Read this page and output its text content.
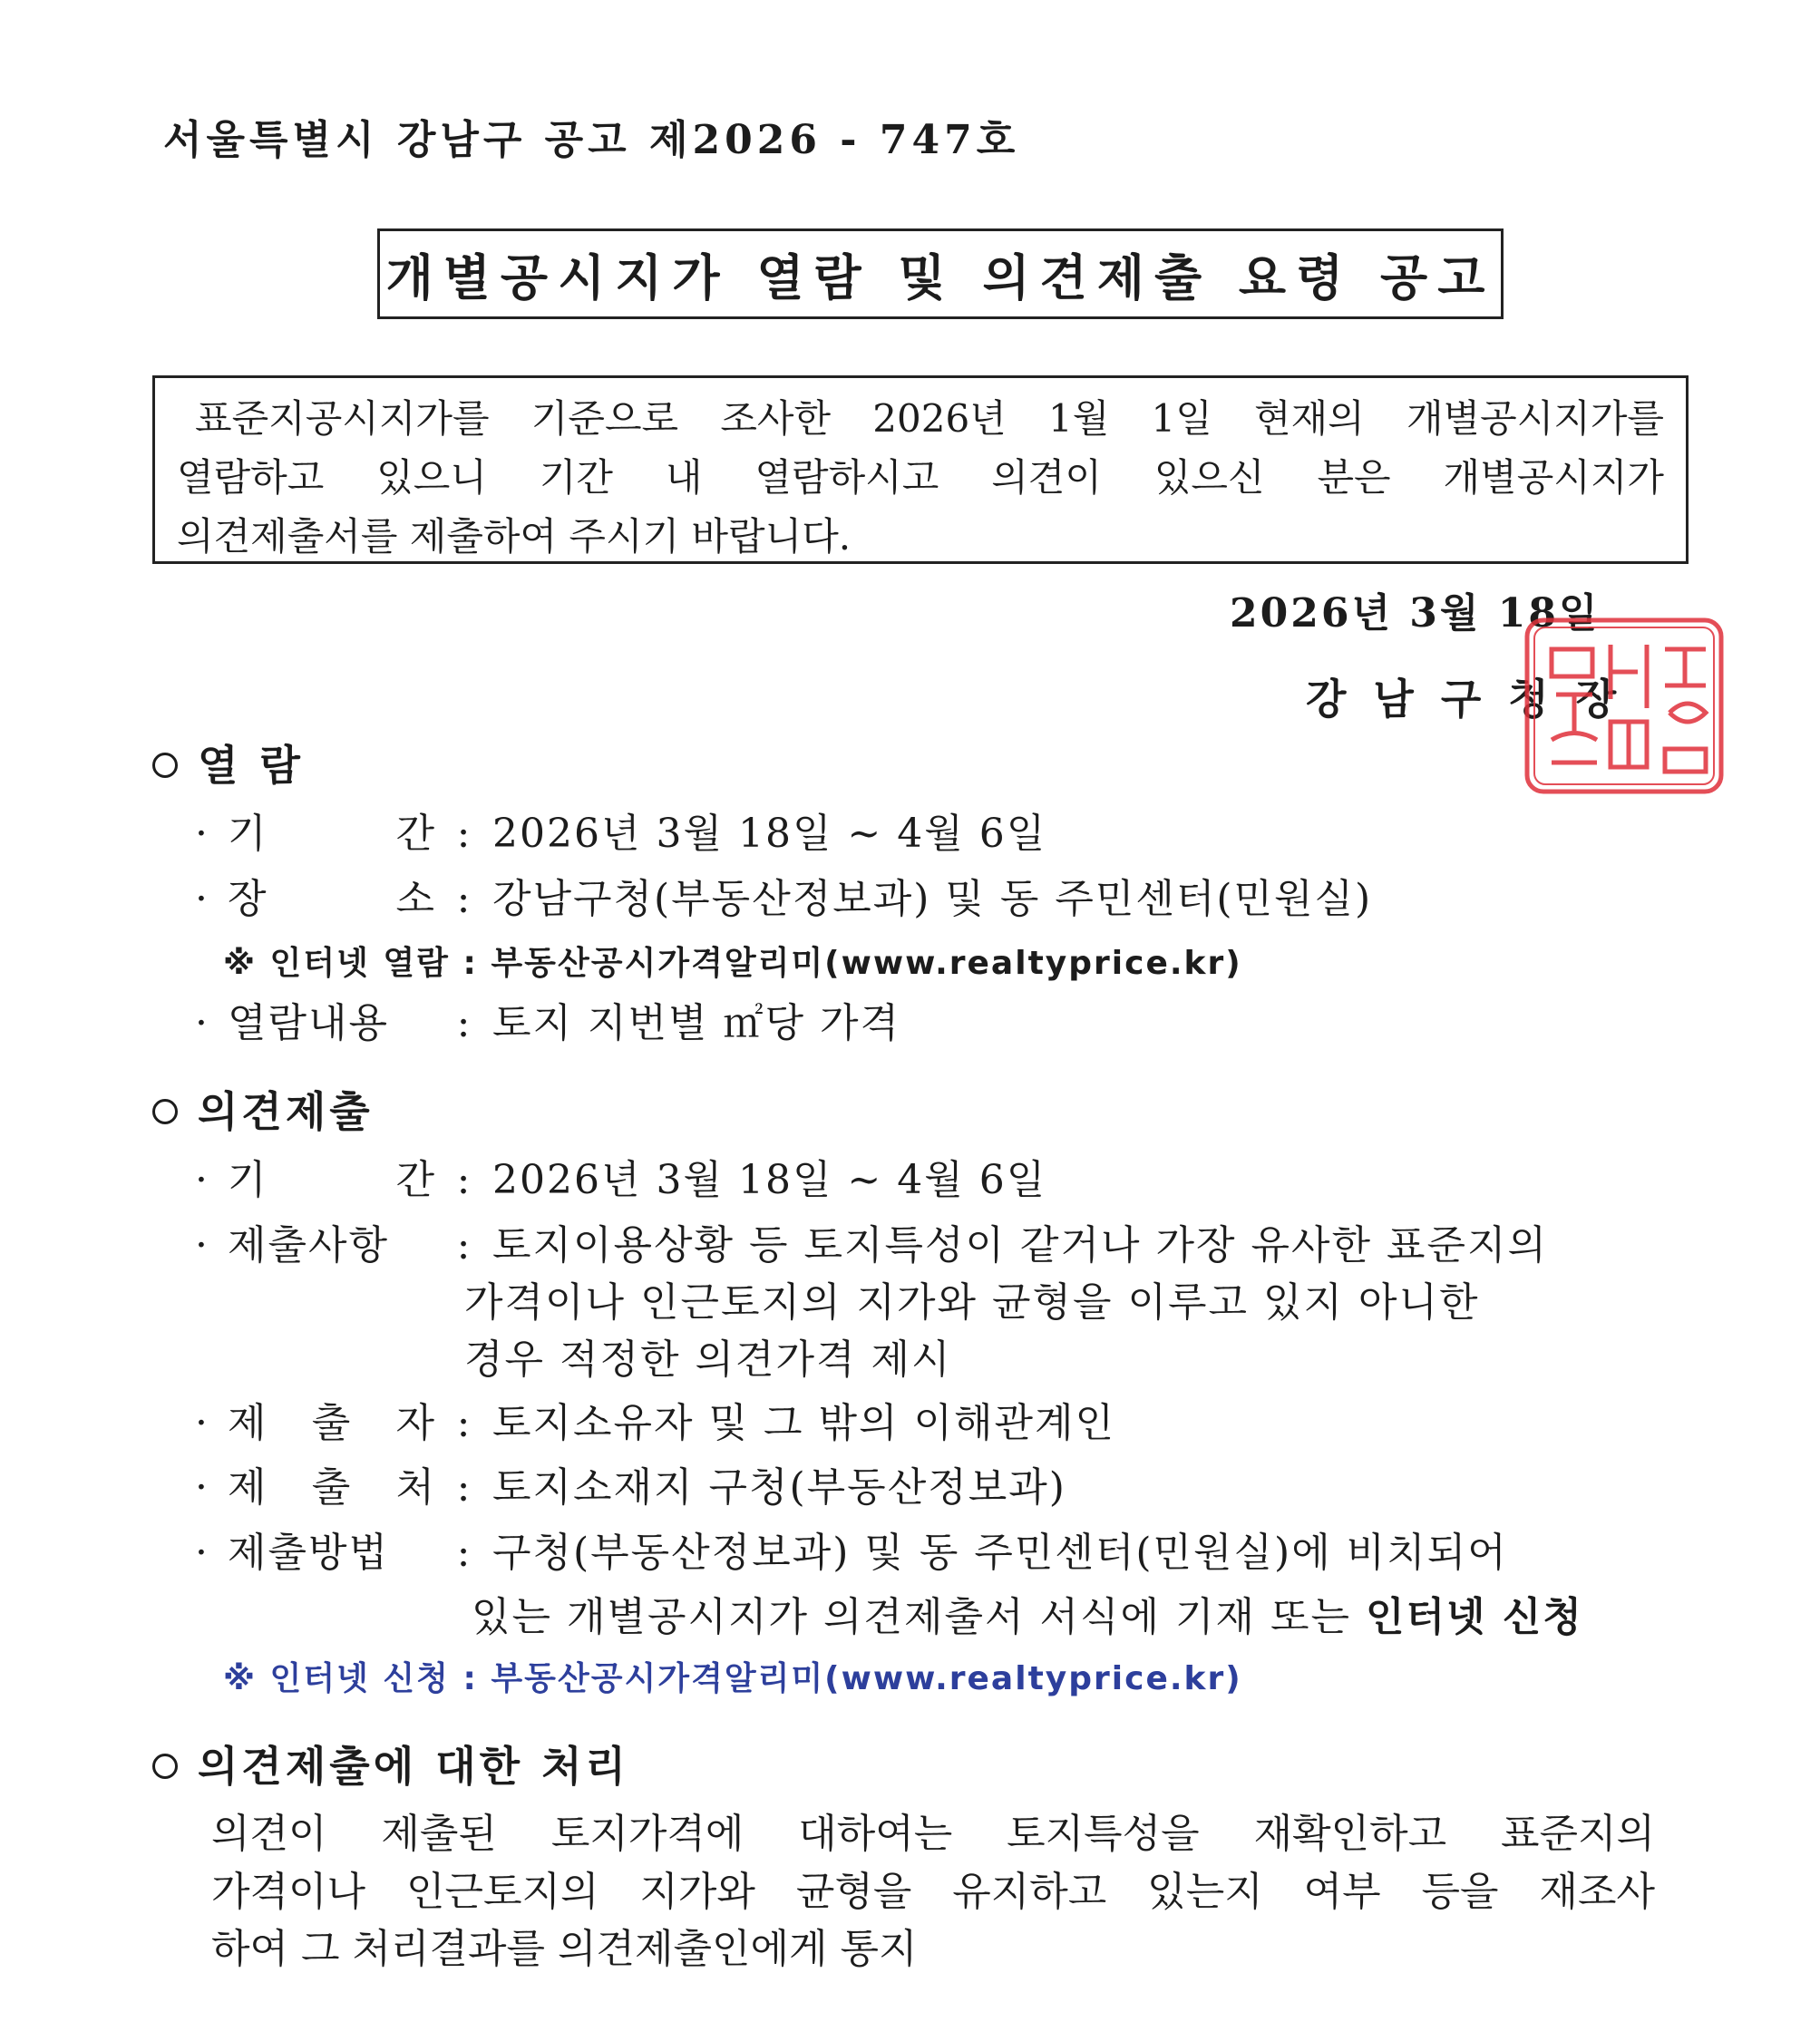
서울특별시 강남구 공고 제2026 - 747호
개별공시지가 열람 및 의견제출 요령 공고
표준지공시지가를 기준으로 조사한 2026년 1월 1일 현재의 개별공시지가를
열람하고 있으니 기간 내 열람하시고 의견이 있으신 분은 개별공시지가
의견제출서를 제출하여 주시기 바랍니다.
2026년 3월 18일
강남구청장
열 람
· 기 간 : 2026년 3월 18일 ~ 4월 6일
· 장 소 : 강남구청(부동산정보과) 및 동 주민센터(민원실)
※ 인터넷 열람 : 부동산공시가격알리미(www.realtyprice.kr)
· 열람내용 : 토지 지번별 ㎡당 가격
의견제출
· 기 간 : 2026년 3월 18일 ~ 4월 6일
· 제출사항 : 토지이용상황 등 토지특성이 같거나 가장 유사한 표준지의
가격이나 인근토지의 지가와 균형을 이루고 있지 아니한
경우 적정한 의견가격 제시
· 제 출 자 : 토지소유자 및 그 밖의 이해관계인
· 제 출 처 : 토지소재지 구청(부동산정보과)
· 제출방법 : 구청(부동산정보과) 및 동 주민센터(민원실)에 비치되어
있는 개별공시지가 의견제출서 서식에 기재 또는 인터넷 신청
※ 인터넷 신청 : 부동산공시가격알리미(www.realtyprice.kr)
의견제출에 대한 처리
의견이 제출된 토지가격에 대하여는 토지특성을 재확인하고 표준지의
가격이나 인근토지의 지가와 균형을 유지하고 있는지 여부 등을 재조사
하여 그 처리결과를 의견제출인에게 통지
